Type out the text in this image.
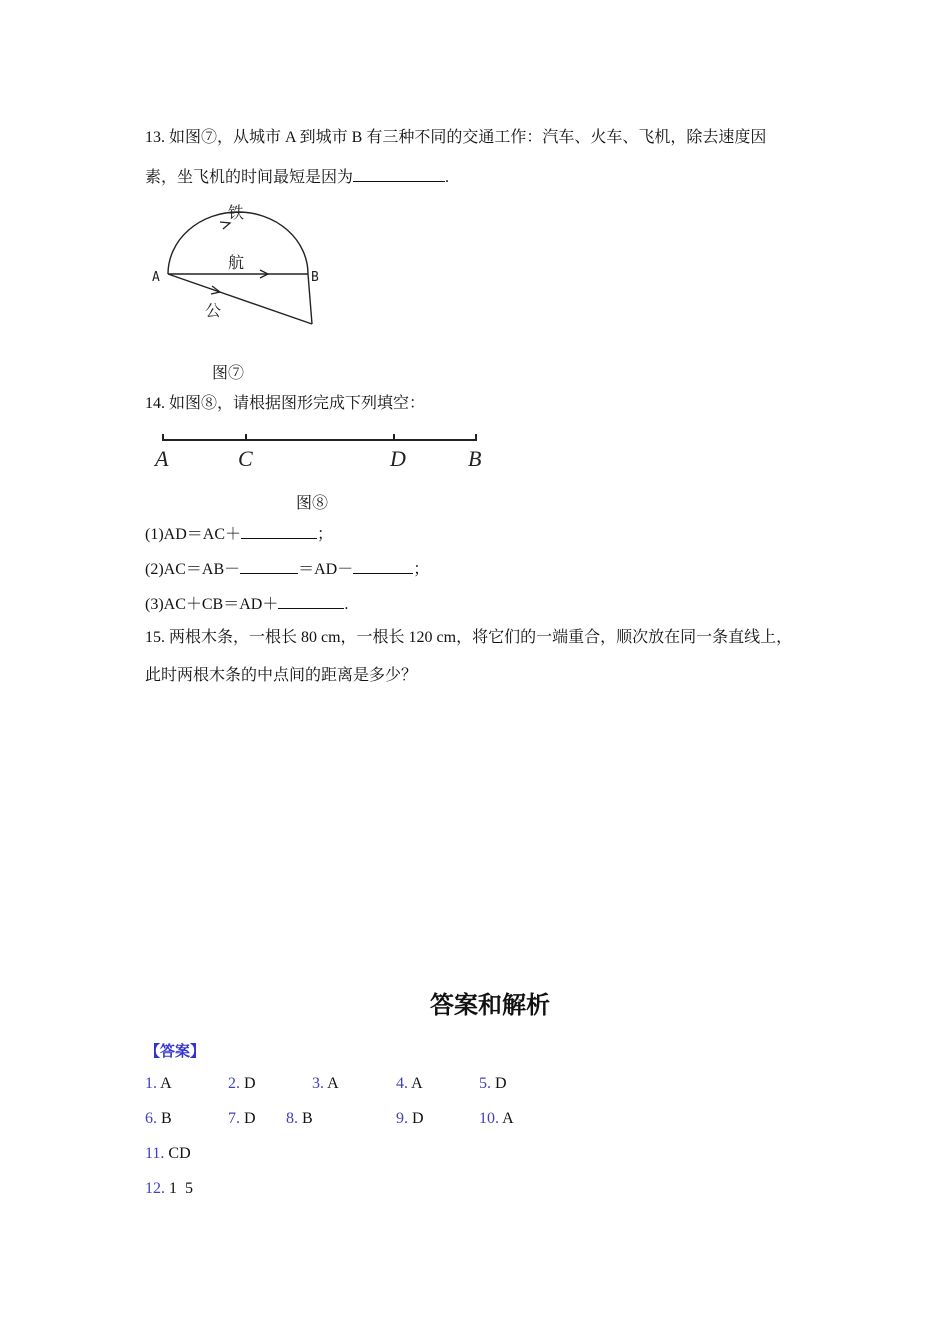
13. 如图⑦，从城市 A 到城市 B 有三种不同的交通工作：汽车、火车、飞机，除去速度因
素，坐飞机的时间最短是因为	.
铁
航
公
A	B
图⑦
14. 如图⑧，请根据图形完成下列填空：
A	C	D	B
图⑧
(1)AD＝AC＋	；
(2)AC＝AB－	＝AD－	；
(3)AC＋CB＝AD＋	.
15. 两根木条，一根长 80 cm，一根长 120 cm，将它们的一端重合，顺次放在同一条直线上，
此时两根木条的中点间的距离是多少？
答案和解析
【答案】
1. A	2. D	3. A	4. A	5. D
6. B	7. D 8. B	9. D	10. A
11. CD
12. 1  5
